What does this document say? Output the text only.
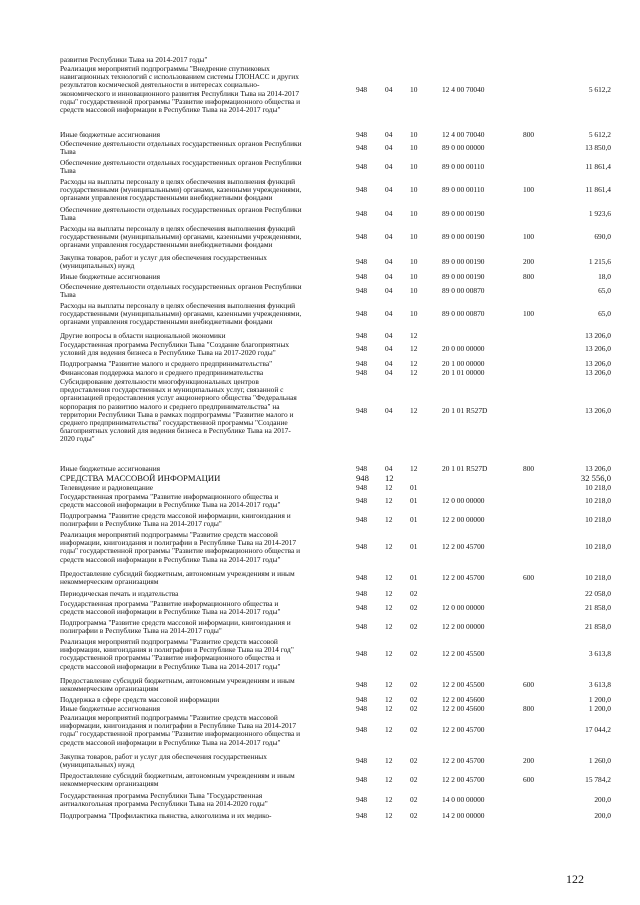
развития Республики Тыва на 2014-2017 годы"
Реализация мероприятий подпрограммы "Внедрение спутниковых
навигационных технологий с использованием системы ГЛОНАСС и других
результатов космической деятельности в интересах социально-
экономического и инновационного развития Республики Тыва на 2014-2017
годы" государственной программы "Развитие информационного общества и
средств массовой информации в Республике Тыва на 2014-2017 годы"
948 04 10	12 4 00 70040	5 612,2
Иные бюджетные ассигнования	948 04 10	12 4 00 70040	800	5 612,2
Обеспечение деятельности отдельных государственных органов Республики
Тыва	948 04 10	89 0 00 00000	13 850,0
Обеспечение деятельности отдельных государственных органов Республики
Тыва	948 04 10	89 0 00 00110	11 861,4
Расходы на выплаты персоналу в целях обеспечения выполнения функций
государственными (муниципальными) органами, казенными учреждениями,
органами управления государственными внебюджетными фондами
948 04 10	89 0 00 00110	100	11 861,4
Обеспечение деятельности отдельных государственных органов Республики
Тыва	948 04 10	89 0 00 00190	1 923,6
Расходы на выплаты персоналу в целях обеспечения выполнения функций
государственными (муниципальными) органами, казенными учреждениями,
органами управления государственными внебюджетными фондами
948 04 10	89 0 00 00190	100	690,0
Закупка товаров, работ и услуг для обеспечения государственных
(муниципальных) нужд	948 04 10	89 0 00 00190	200	1 215,6
Иные бюджетные ассигнования	948 04 10	89 0 00 00190	800	18,0
Обеспечение деятельности отдельных государственных органов Республики
Тыва	948 04 10	89 0 00 00870	65,0
Расходы на выплаты персоналу в целях обеспечения выполнения функций
государственными (муниципальными) органами, казенными учреждениями,
органами управления государственными внебюджетными фондами
948 04 10	89 0 00 00870	100	65,0
Другие вопросы в области национальной экономики	948 04 12	13 206,0
Государственная программа Республики Тыва "Создание благоприятных
условий для ведения бизнеса в Республике Тыва на 2017-2020 годы"	948 04 12	20 0 00 00000	13 206,0
Подпрограмма "Развитие малого и среднего предпринимательства"	948 04 12	20 1 00 00000	13 206,0
Финансовая поддержка малого и среднего предпринимательства	948 04 12	20 1 01 00000	13 206,0
Субсидирование деятельности многофункциональных центров
предоставления государственных и муниципальных услуг, связанной с
организацией предоставления услуг акционерного общества "Федеральная
корпорация по развитию малого и среднего предпринимательства" на
территории Республики Тыва в рамках подпрограммы "Развитие малого и
среднего предпринимательства" государственной программы "Создание
благоприятных условий для ведения бизнеса в Республике Тыва на 2017-
2020 годы"
948 04 12	20 1 01 R527D	13 206,0
Иные бюджетные ассигнования	948 04 12	20 1 01 R527D	800	13 206,0
СРЕДСТВА МАССОВОЙ ИНФОРМАЦИИ	948 12	32 556,0
Телевидение и радиовещание	948 12 01	10 218,0
Государственная программа "Развитие информационного общества и
средств массовой информации в Республике Тыва на 2014-2017 годы"	948 12 01	12 0 00 00000	10 218,0
Подпрограмма "Развитие средств массовой информации, книгоиздания и
полиграфии в Республике Тыва на 2014-2017 годы"	948 12 01	12 2 00 00000	10 218,0
Реализация мероприятий подпрограммы "Развитие средств массовой
информации, книгоиздания и полиграфии в Республике Тыва на 2014-2017
годы" государственной программы "Развитие информационного общества и
средств массовой информации в Республике Тыва на 2014-2017 годы"
948 12 01	12 2 00 45700	10 218,0
Предоставление субсидий бюджетным, автономным учреждениям и иным
некоммерческим организациям	948 12 01	12 2 00 45700	600	10 218,0
Периодическая печать и издательства	948 12 02	22 058,0
Государственная программа "Развитие информационного общества и
средств массовой информации в Республике Тыва на 2014-2017 годы"	948 12 02	12 0 00 00000	21 858,0
Подпрограмма "Развитие средств массовой информации, книгоиздания и
полиграфии в Республике Тыва на 2014-2017 годы"	948 12 02	12 2 00 00000	21 858,0
Реализация мероприятий подпрограммы "Развитие средств массовой
информации, книгоиздания и полиграфии в Республике Тыва на 2014 год"
государственной программы "Развитие информационного общества и
средств массовой информации в Республике Тыва на 2014-2017 годы"
948 12 02	12 2 00 45500	3 613,8
Предоставление субсидий бюджетным, автономным учреждениям и иным
некоммерческим организациям	948 12 02	12 2 00 45500	600	3 613,8
Поддержка в сфере средств массовой информации	948 12 02	12 2 00 45600	1 200,0
Иные бюджетные ассигнования	948 12 02	12 2 00 45600	800	1 200,0
Реализация мероприятий подпрограммы "Развитие средств массовой
информации, книгоиздания и полиграфии в Республике Тыва на 2014-2017
годы" государственной программы "Развитие информационного общества и
средств массовой информации в Республике Тыва на 2014-2017 годы"
948 12 02	12 2 00 45700	17 044,2
Закупка товаров, работ и услуг для обеспечения государственных
(муниципальных) нужд	948 12 02	12 2 00 45700	200	1 260,0
Предоставление субсидий бюджетным, автономным учреждениям и иным
некоммерческим организациям	948 12 02	12 2 00 45700	600	15 784,2
Государственная программа Республики Тыва "Государственная
антиалкогольная программа Республики Тыва на 2014-2020 годы"	948 12 02	14 0 00 00000	200,0
Подпрограмма "Профилактика пьянства, алкоголизма и их медико-	948 12 02	14 2 00 00000	200,0
122
